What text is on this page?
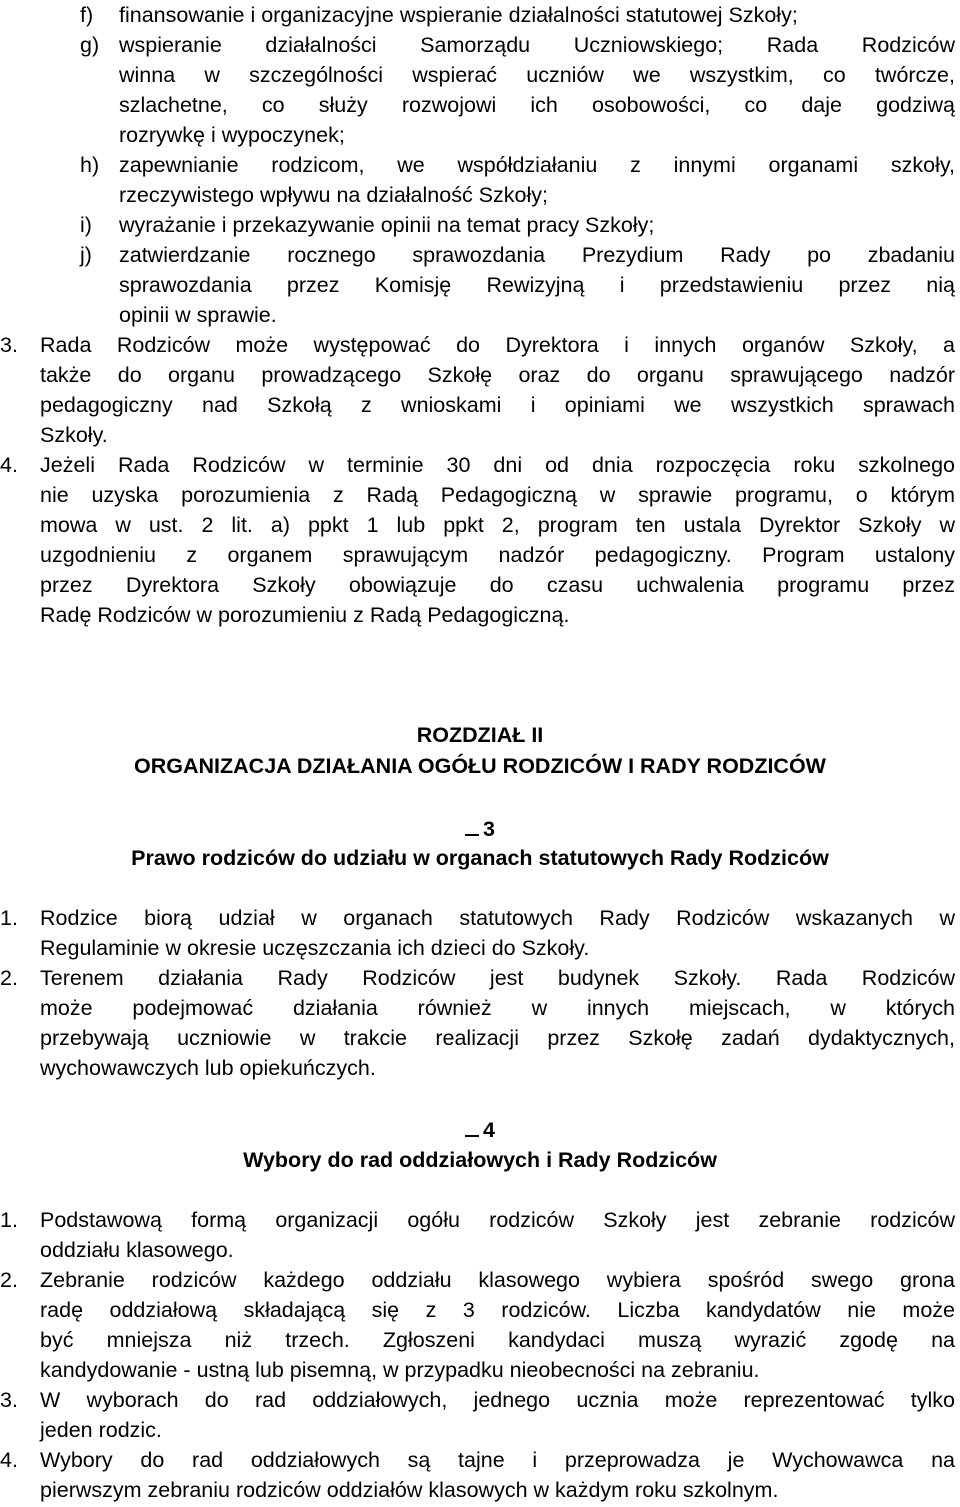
f) finansowanie i organizacyjne wspieranie działalności statutowej Szkoły;
g) wspieranie działalności Samorządu Uczniowskiego; Rada Rodziców
winna w szczególności wspierać uczniów we wszystkim, co twórcze,
szlachetne, co służy rozwojowi ich osobowości, co daje godziwą
rozrywkę i wypoczynek;
h) zapewnianie rodzicom, we współdziałaniu z innymi organami szkoły,
rzeczywistego wpływu na działalność Szkoły;
i) wyrażanie i przekazywanie opinii na temat pracy Szkoły;
j) zatwierdzanie rocznego sprawozdania Prezydium Rady po zbadaniu
sprawozdania przez Komisję Rewizyjną i przedstawieniu przez nią
opinii w sprawie.
3. Rada Rodziców może występować do Dyrektora i innych organów Szkoły, a
także do organu prowadzącego Szkołę oraz do organu sprawującego nadzór
pedagogiczny nad Szkołą z wnioskami i opiniami we wszystkich sprawach
Szkoły.
4. Jeżeli Rada Rodziców w terminie 30 dni od dnia rozpoczęcia roku szkolnego
nie uzyska porozumienia z Radą Pedagogiczną w sprawie programu, o którym
mowa w ust. 2 lit. a) ppkt 1 lub ppkt 2, program ten ustala Dyrektor Szkoły w
uzgodnieniu z organem sprawującym nadzór pedagogiczny. Program ustalony
przez Dyrektora Szkoły obowiązuje do czasu uchwalenia programu przez
Radę Rodziców w porozumieniu z Radą Pedagogiczną.
ROZDZIAŁ II
ORGANIZACJA DZIAŁANIA OGÓŁU RODZICÓW I RADY RODZICÓW
3
Prawo rodziców do udziału w organach statutowych Rady Rodziców
1. Rodzice biorą udział w organach statutowych Rady Rodziców wskazanych w
Regulaminie w okresie uczęszczania ich dzieci do Szkoły.
2. Terenem działania Rady Rodziców jest budynek Szkoły. Rada Rodziców
może podejmować działania również w innych miejscach, w których
przebywają uczniowie w trakcie realizacji przez Szkołę zadań dydaktycznych,
wychowawczych lub opiekuńczych.
4
Wybory do rad oddziałowych i Rady Rodziców
1. Podstawową formą organizacji ogółu rodziców Szkoły jest zebranie rodziców
oddziału klasowego.
2. Zebranie rodziców każdego oddziału klasowego wybiera spośród swego grona
radę oddziałową składającą się z 3 rodziców. Liczba kandydatów nie może
być mniejsza niż trzech. Zgłoszeni kandydaci muszą wyrazić zgodę na
kandydowanie - ustną lub pisemną, w przypadku nieobecności na zebraniu.
3. W wyborach do rad oddziałowych, jednego ucznia może reprezentować tylko
jeden rodzic.
4. Wybory do rad oddziałowych są tajne i przeprowadza je Wychowawca na
pierwszym zebraniu rodziców oddziałów klasowych w każdym roku szkolnym.
